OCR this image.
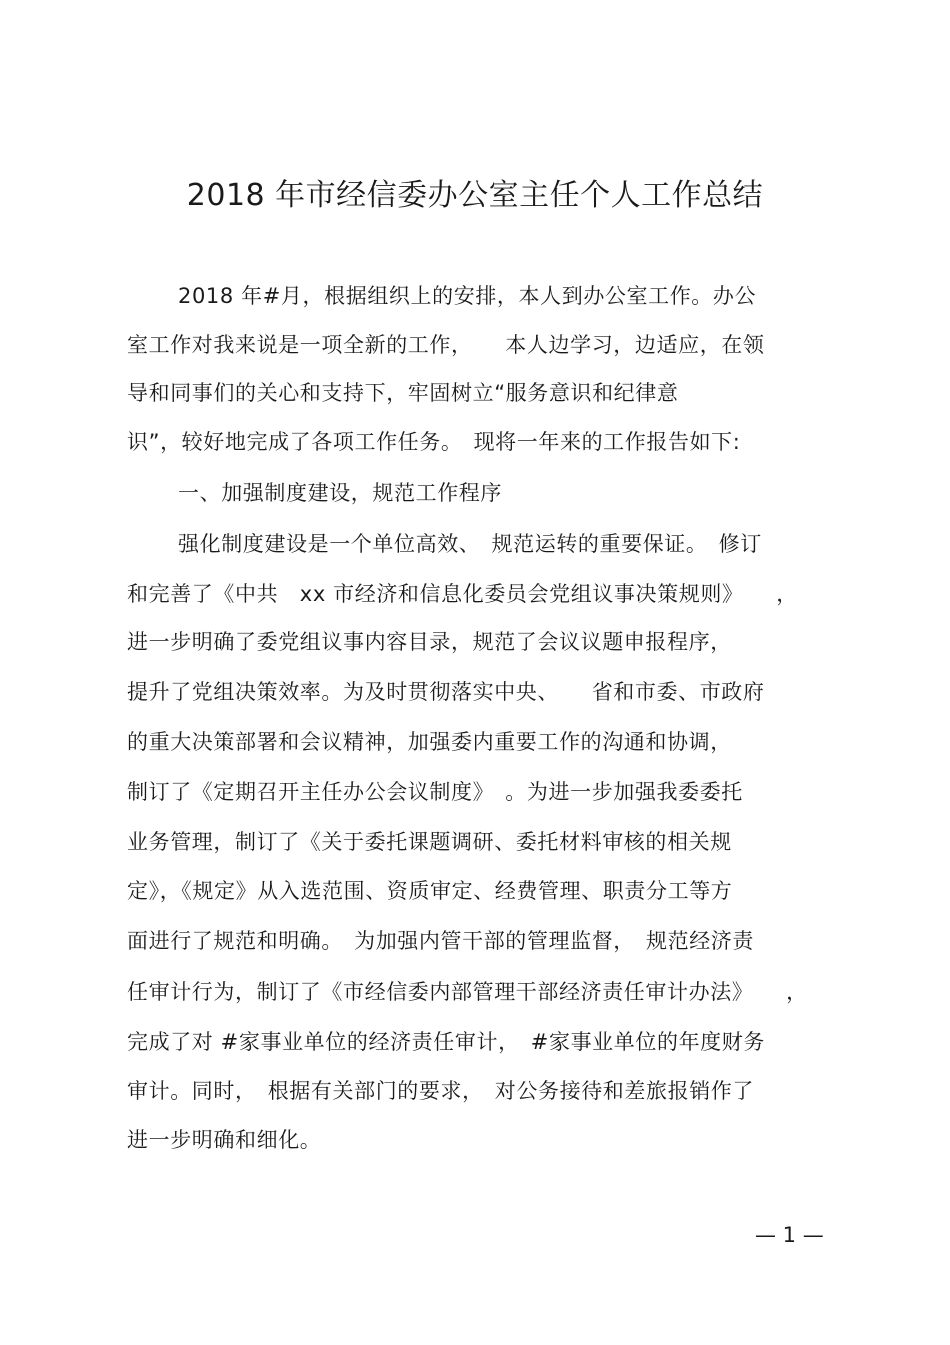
2018 年市经信委办公室主任个人工作总结
2018 年#月，根据组织上的安排，本人到办公室工作。办公
室工作对我来说是一项全新的工作，　　本人边学习，边适应，在领
导和同事们的关心和支持下，牢固树立“服务意识和纪律意
识”，较好地完成了各项工作任务。　现将一年来的工作报告如下:
一、加强制度建设，规范工作程序
强化制度建设是一个单位高效、　规范运转的重要保证。　修订
和完善了《中共　xx 市经济和信息化委员会党组议事决策规则》　　，
进一步明确了委党组议事内容目录，规范了会议议题申报程序，
提升了党组决策效率。为及时贯彻落实中央、　　省和市委、市政府
的重大决策部署和会议精神，加强委内重要工作的沟通和协调，
制订了《定期召开主任办公会议制度》　。为进一步加强我委委托
业务管理，制订了《关于委托课题调研、委托材料审核的相关规
定》，《规定》从入选范围、资质审定、经费管理、职责分工等方
面进行了规范和明确。　为加强内管干部的管理监督，　规范经济责
任审计行为，制订了《市经信委内部管理干部经济责任审计办法》　　，
完成了对 #家事业单位的经济责任审计，　#家事业单位的年度财务
审计。同时，　根据有关部门的要求，　对公务接待和差旅报销作了
进一步明确和细化。
— 1 —
